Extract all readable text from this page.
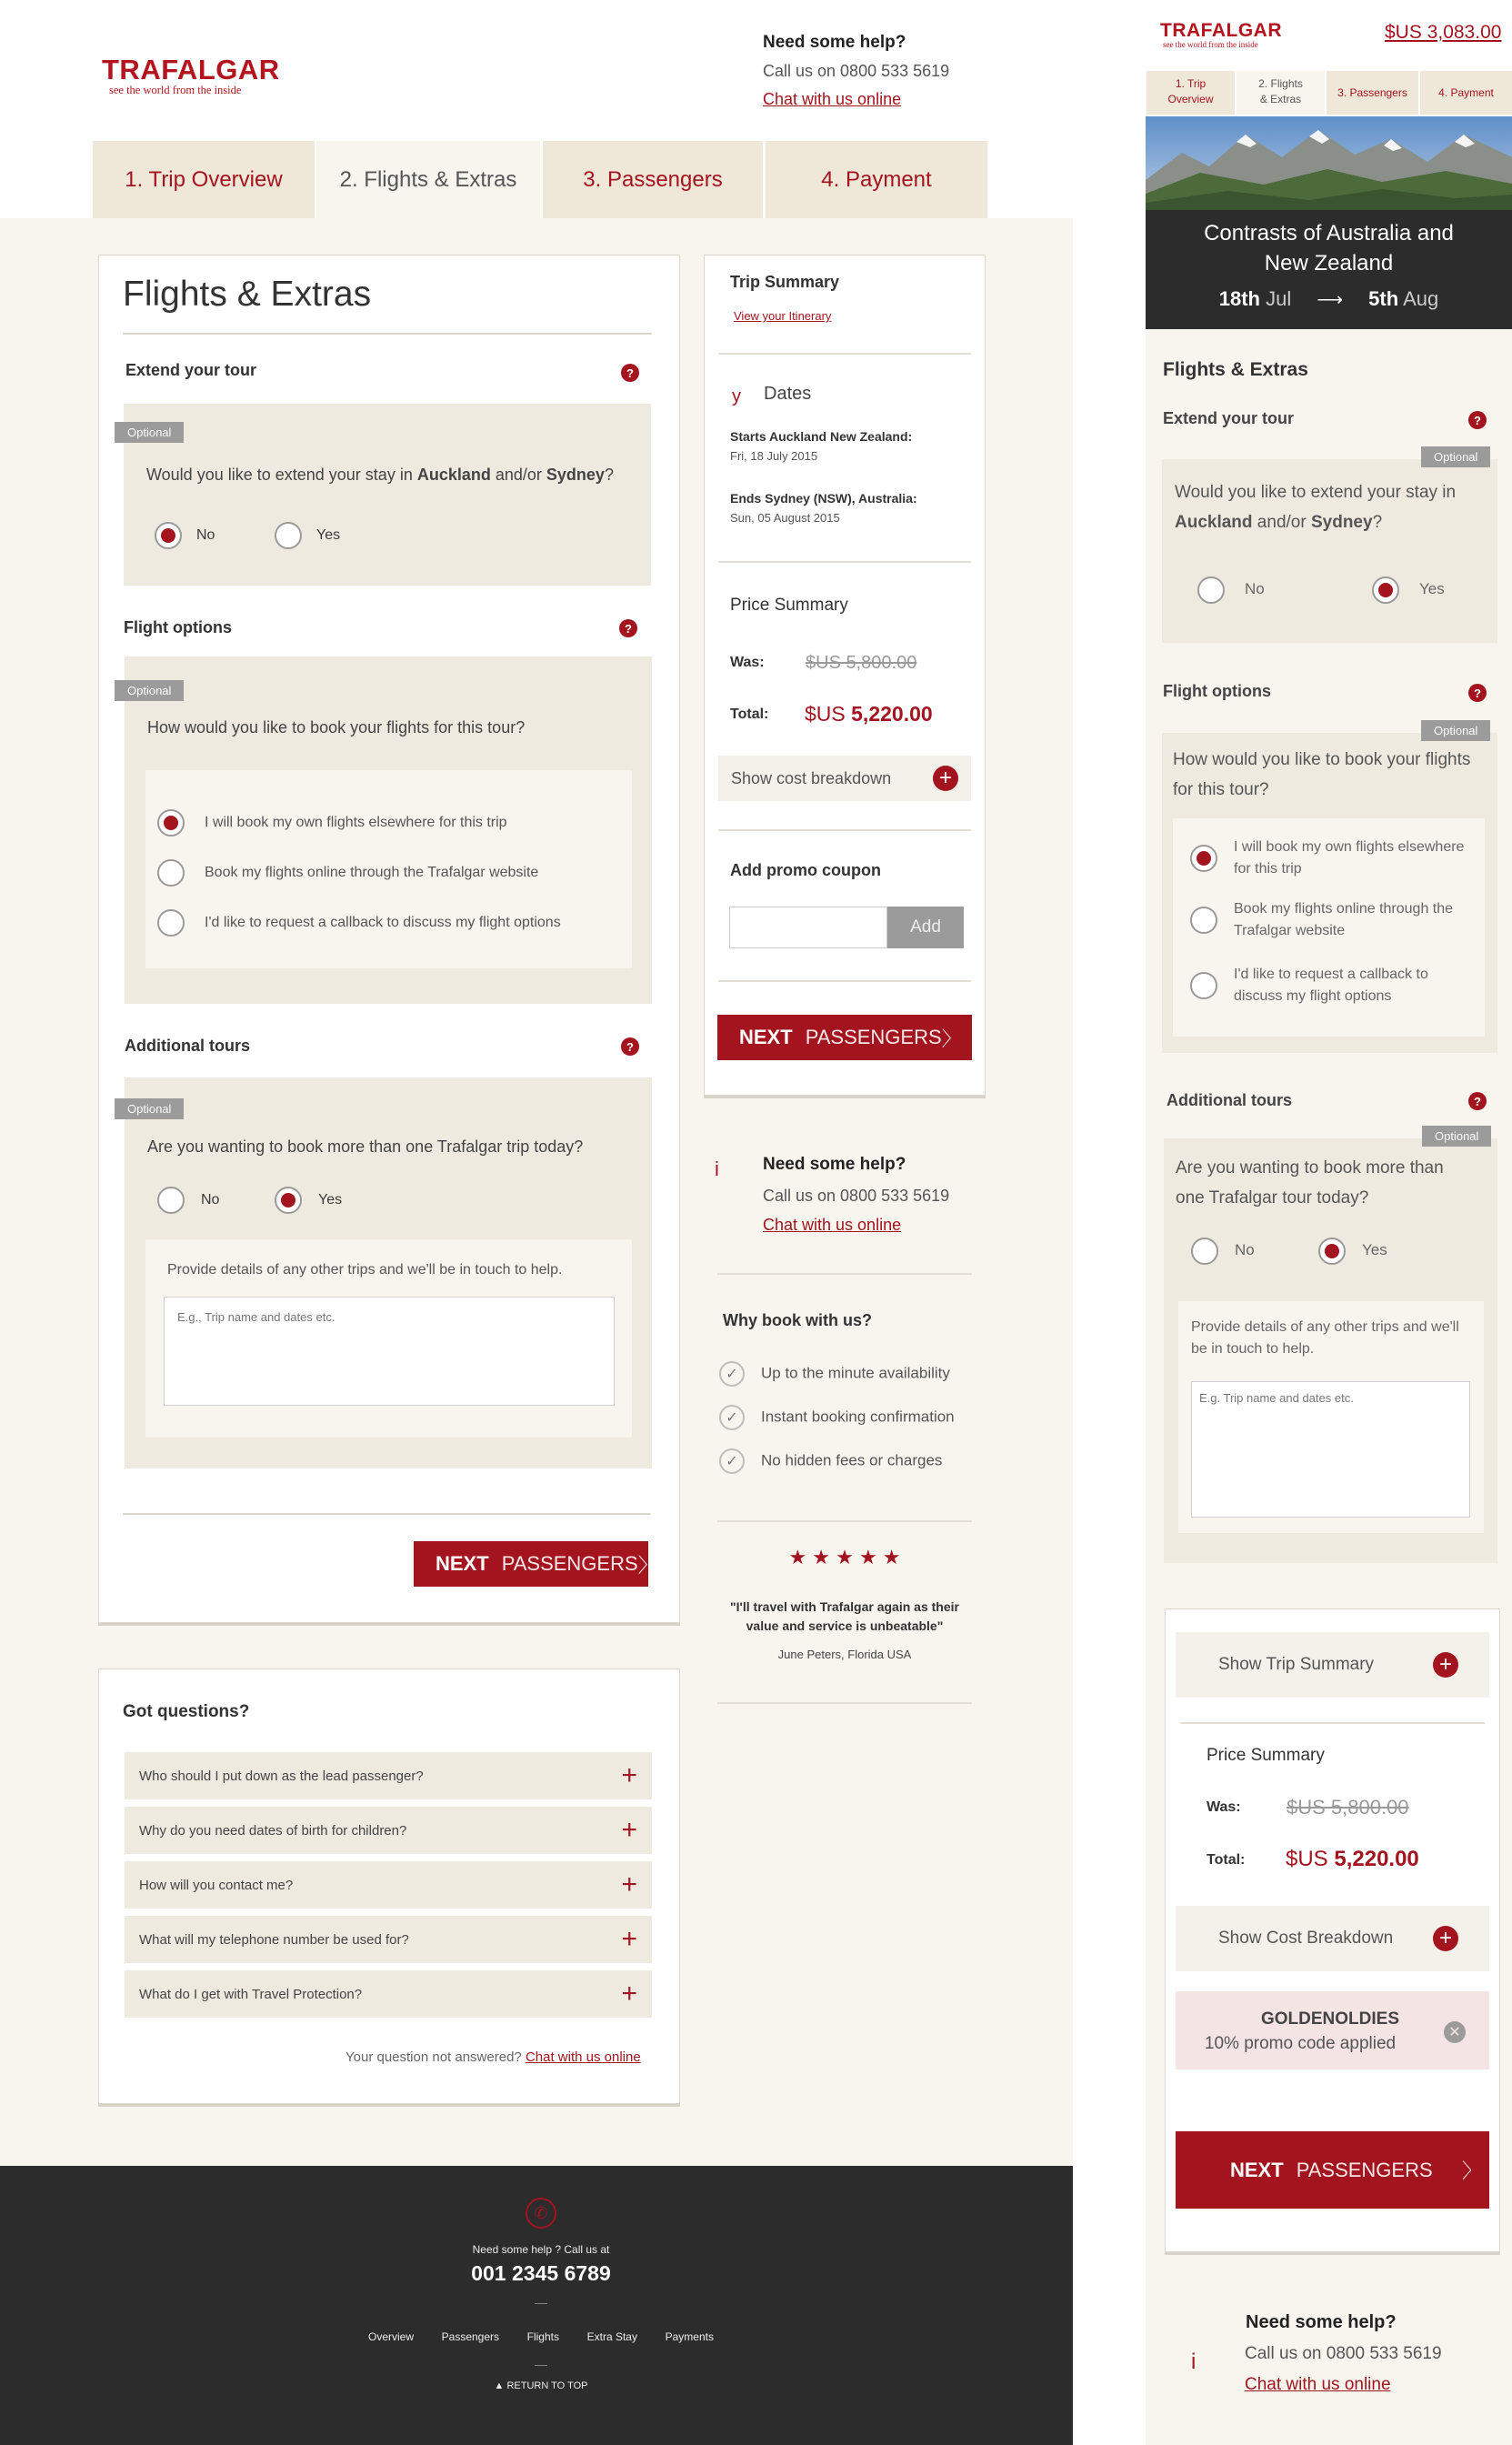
TRAFALGAR
see the world from the inside
Need some help?
Call us on 0800 533 5619
Chat with us online
1. Trip Overview	2. Flights & Extras	3. Passengers	4. Payment
Flights & Extras
Extend your tour	?
Optional
Would you like to extend your stay in Auckland and/or Sydney?
No	Yes
Flight options	?
Optional
How would you like to book your flights for this tour?
I will book my own flights elsewhere for this trip
Book my flights online through the Trafalgar website
I'd like to request a callback to discuss my flight options
Additional tours	?
Optional
Are you wanting to book more than one Trafalgar trip today?
No	Yes
Provide details of any other trips and we'll be in touch to help.
E.g., Trip name and dates etc.
NEXT PASSENGERS 〉
Got questions?
Who should I put down as the lead passenger?	+
Why do you need dates of birth for children?	+
How will you contact me?	+
What will my telephone number be used for?	+
What do I get with Travel Protection?	+
Your question not answered? Chat with us online
Trip Summary
View your Itinerary
y Dates
Starts Auckland New Zealand:
Fri, 18 July 2015
Ends Sydney (NSW), Australia:
Sun, 05 August 2015
Price Summary
Was: $US 5,800.00
Total: $US 5,220.00
Show cost breakdown +
Add promo coupon
Add
NEXT PASSENGERS 〉
i	Need some help?
Call us on 0800 533 5619
Chat with us online
Why book with us?
✓ Up to the minute availability
✓ Instant booking confirmation
✓ No hidden fees or charges
★ ★ ★ ★ ★
"I'll travel with Trafalgar again as their value and service is unbeatable"
June Peters, Florida USA
✆
Need some help ? Call us at
001 2345 6789
—
Overview	Passengers	Flights	Extra Stay	Payments
—
▲ RETURN TO TOP
TRAFALGAR
see the world from the inside
$US 3,083.00
1. Trip Overview
2. Flights & Extras	3. Passengers	4. Payment
Contrasts of Australia and New Zealand
18th Jul ⟶ 5th Aug
Flights & Extras
Extend your tour	?
Optional
Would you like to extend your stay in Auckland and/or Sydney?
No	Yes
Flight options	?
Optional
How would you like to book your flights for this tour?
I will book my own flights elsewhere for this trip
Book my flights online through the Trafalgar website
I'd like to request a callback to discuss my flight options
Additional tours	?
Optional
Are you wanting to book more than one Trafalgar tour today?
No	Yes
Provide details of any other trips and we'll be in touch to help.
E.g. Trip name and dates etc.
Show Trip Summary	+
Price Summary
Was: $US 5,800.00
Total: $US 5,220.00
Show Cost Breakdown +
GOLDENOLDIES
10% promo code applied
✕
NEXT PASSENGERS 〉
i
Need some help?
Call us on 0800 533 5619
Chat with us online
